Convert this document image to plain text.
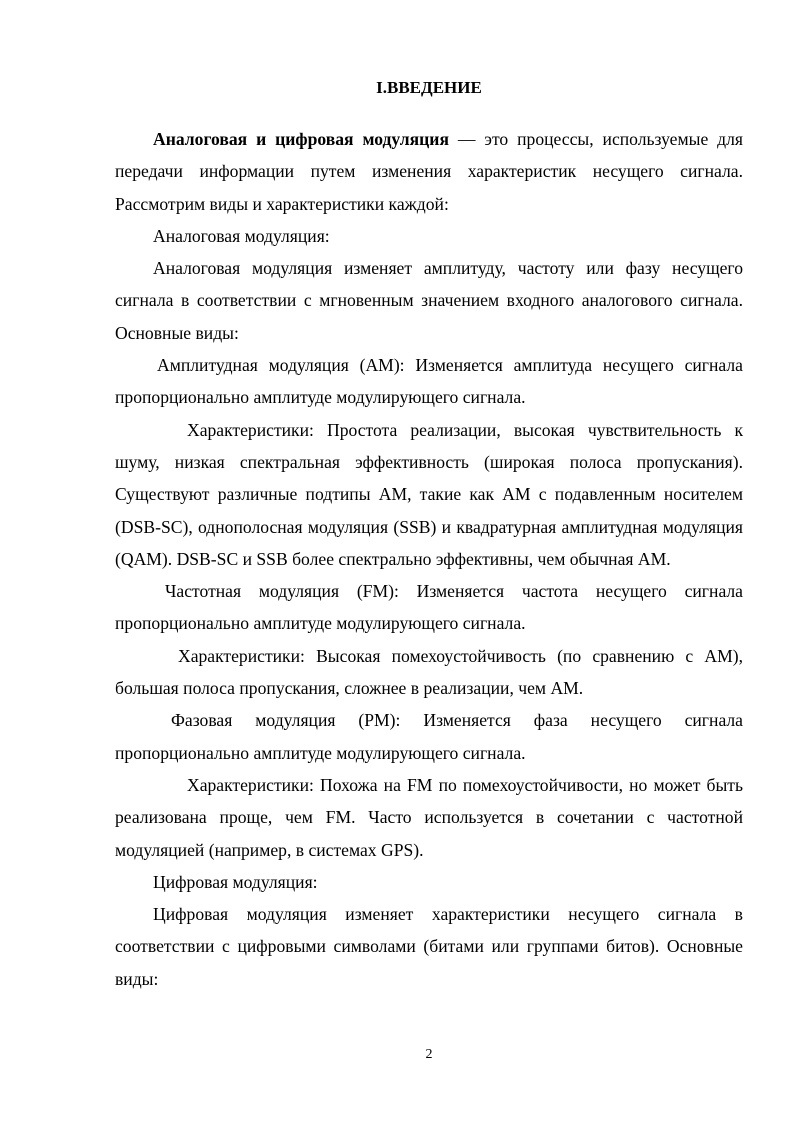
I.ВВЕДЕНИЕ

Аналоговая и цифровая модуляция — это процессы, используемые для передачи информации путем изменения характеристик несущего сигнала. Рассмотрим виды и характеристики каждой:

Аналоговая модуляция:

Аналоговая модуляция изменяет амплитуду, частоту или фазу несущего сигнала в соответствии с мгновенным значением входного аналогового сигнала. Основные виды:

Амплитудная модуляция (AM): Изменяется амплитуда несущего сигнала пропорционально амплитуде модулирующего сигнала.

Характеристики: Простота реализации, высокая чувствительность к шуму, низкая спектральная эффективность (широкая полоса пропускания). Существуют различные подтипы AM, такие как AM с подавленным носителем (DSB-SC), однополосная модуляция (SSB) и квадратурная амплитудная модуляция (QAM). DSB-SC и SSB более спектрально эффективны, чем обычная AM.

Частотная модуляция (FM): Изменяется частота несущего сигнала пропорционально амплитуде модулирующего сигнала.

Характеристики: Высокая помехоустойчивость (по сравнению с AM), большая полоса пропускания, сложнее в реализации, чем AM.

Фазовая модуляция (PM): Изменяется фаза несущего сигнала пропорционально амплитуде модулирующего сигнала.

Характеристики: Похожа на FM по помехоустойчивости, но может быть реализована проще, чем FM. Часто используется в сочетании с частотной модуляцией (например, в системах GPS).

Цифровая модуляция:

Цифровая модуляция изменяет характеристики несущего сигнала в соответствии с цифровыми символами (битами или группами битов). Основные виды:

2
